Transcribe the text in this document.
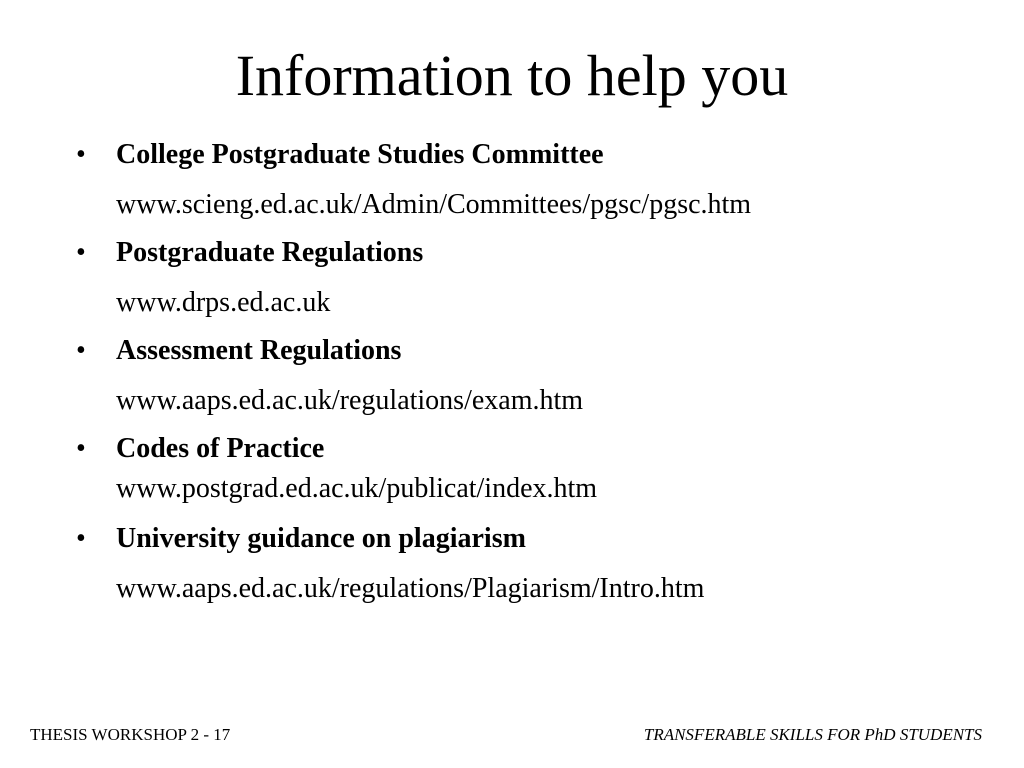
Information to help you
• College Postgraduate Studies Committee
www.scieng.ed.ac.uk/Admin/Committees/pgsc/pgsc.htm
• Postgraduate Regulations
www.drps.ed.ac.uk
• Assessment Regulations
www.aaps.ed.ac.uk/regulations/exam.htm
• Codes of Practice
www.postgrad.ed.ac.uk/publicat/index.htm
• University guidance on plagiarism
www.aaps.ed.ac.uk/regulations/Plagiarism/Intro.htm
THESIS WORKSHOP 2 - 17	TRANSFERABLE SKILLS FOR PhD STUDENTS
